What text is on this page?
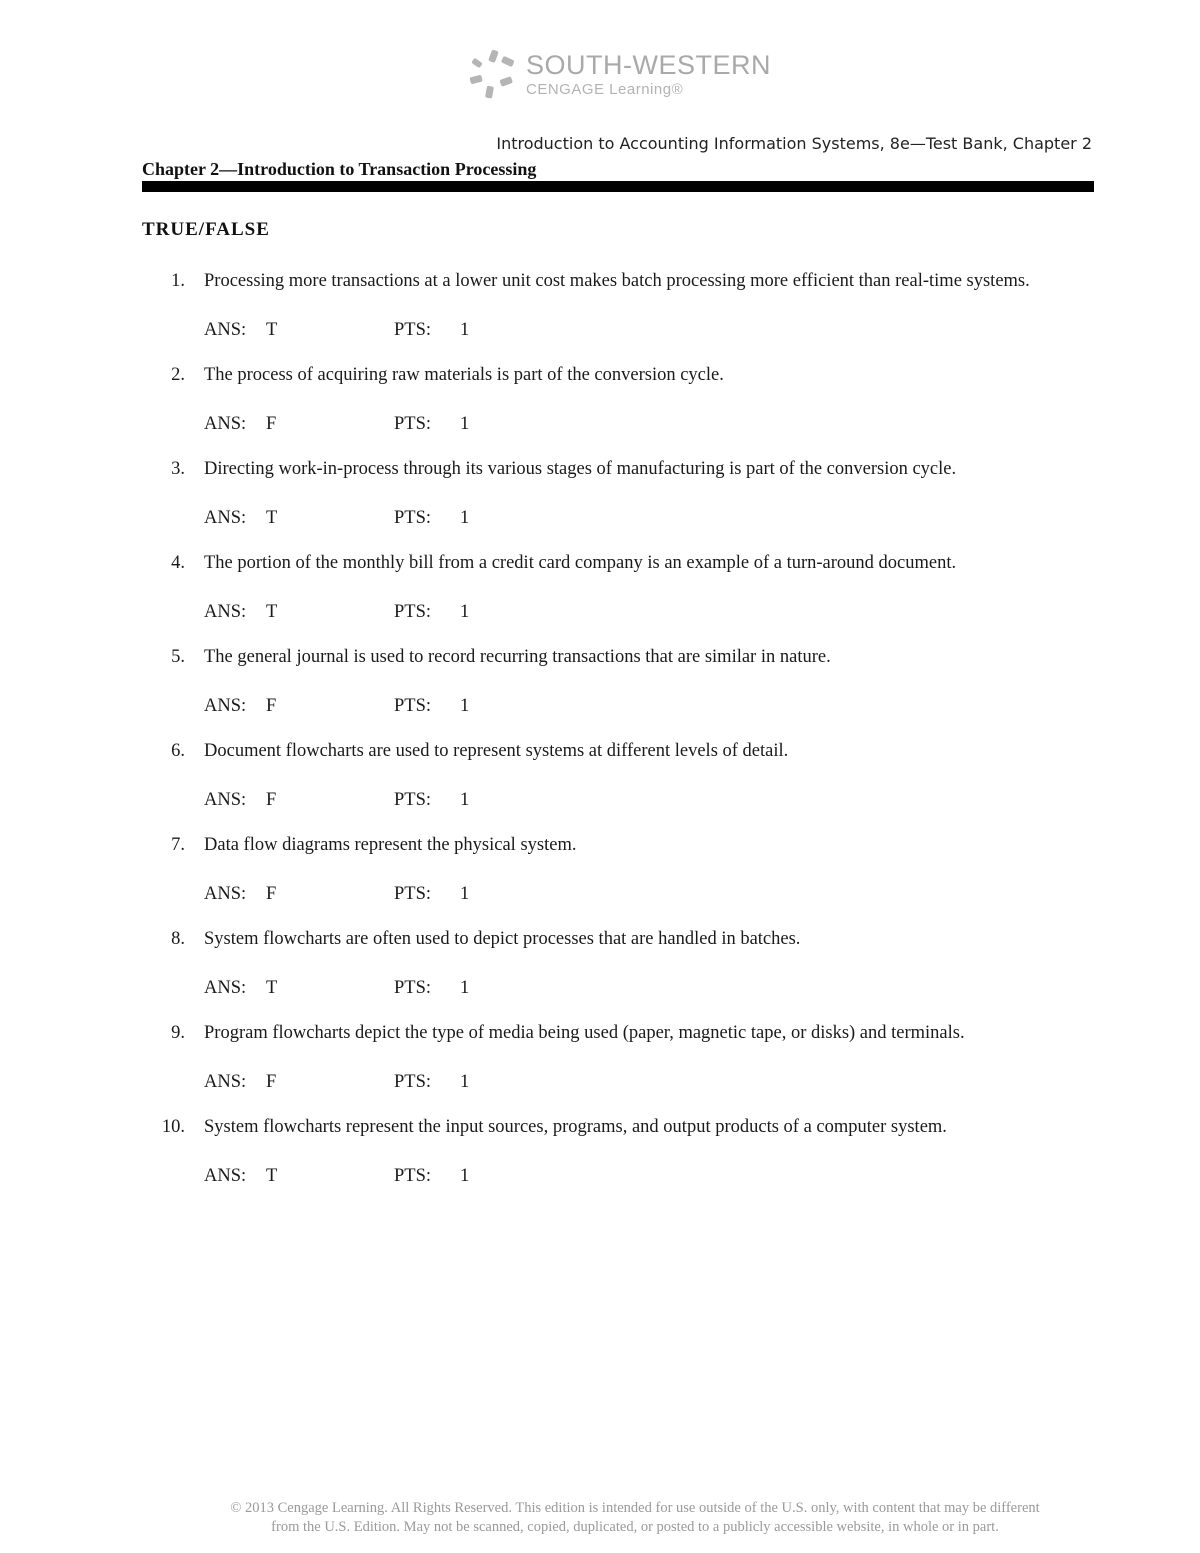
SOUTH-WESTERN
CENGAGE Learning®
Introduction to Accounting Information Systems, 8e—Test Bank, Chapter 2
Chapter 2—Introduction to Transaction Processing
TRUE/FALSE
1. Processing more transactions at a lower unit cost makes batch processing more efficient than real-time systems.
ANS:	T	PTS:	1
2. The process of acquiring raw materials is part of the conversion cycle.
ANS:	F	PTS:	1
3. Directing work-in-process through its various stages of manufacturing is part of the conversion cycle.
ANS:	T	PTS:	1
4. The portion of the monthly bill from a credit card company is an example of a turn-around document.
ANS:	T	PTS:	1
5. The general journal is used to record recurring transactions that are similar in nature.
ANS:	F	PTS:	1
6. Document flowcharts are used to represent systems at different levels of detail.
ANS:	F	PTS:	1
7. Data flow diagrams represent the physical system.
ANS:	F	PTS:	1
8. System flowcharts are often used to depict processes that are handled in batches.
ANS:	T	PTS:	1
9. Program flowcharts depict the type of media being used (paper, magnetic tape, or disks) and terminals.
ANS:	F	PTS:	1
10. System flowcharts represent the input sources, programs, and output products of a computer system.
ANS:	T	PTS:	1
© 2013 Cengage Learning. All Rights Reserved. This edition is intended for use outside of the U.S. only, with content that may be different
from the U.S. Edition. May not be scanned, copied, duplicated, or posted to a publicly accessible website, in whole or in part.
